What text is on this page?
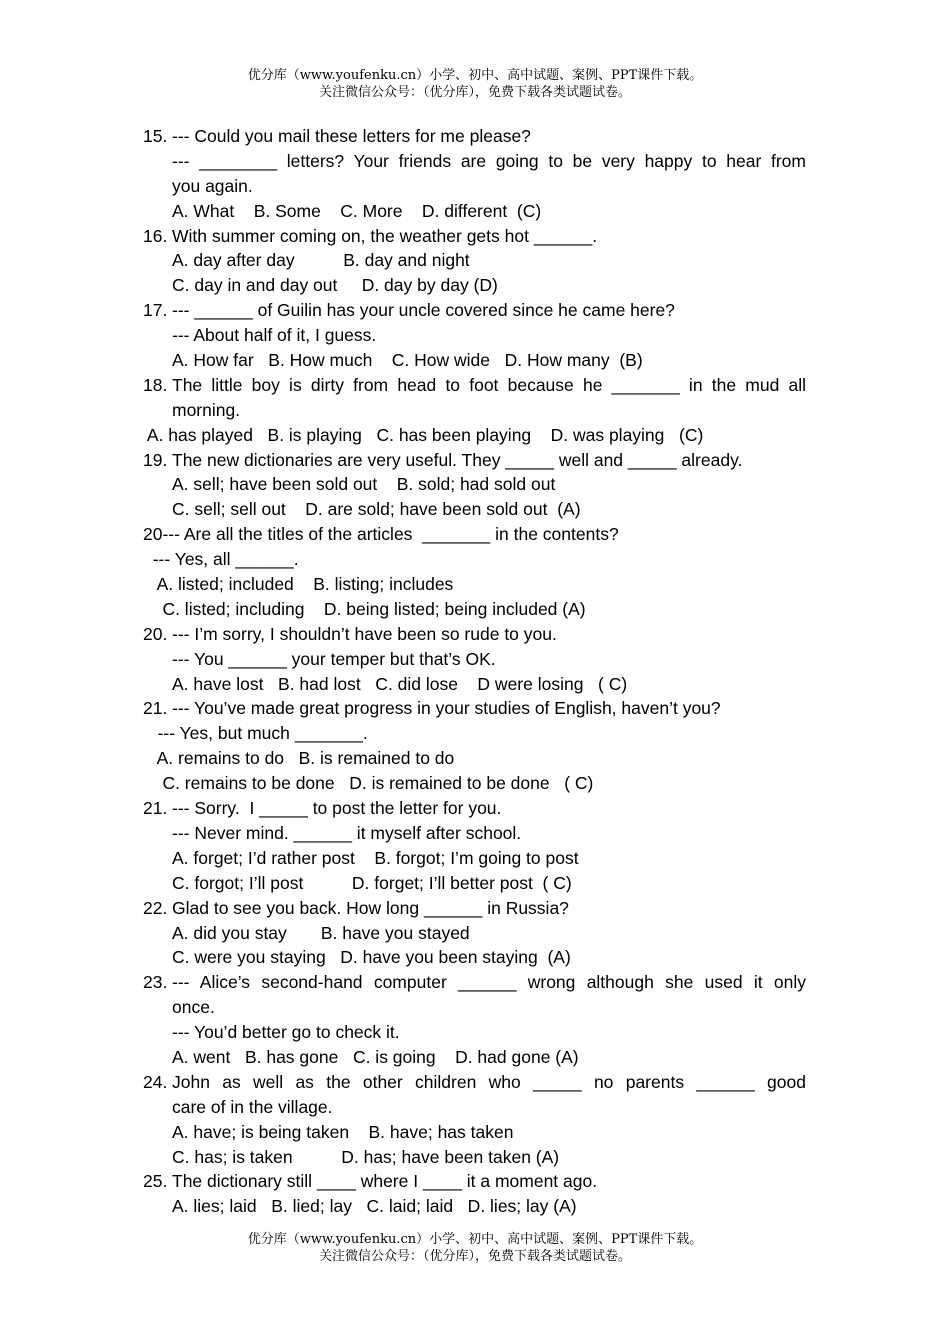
优分库（www.youfenku.cn）小学、初中、高中试题、案例、PPT课件下载。
关注微信公众号：（优分库），免费下载各类试题试卷。
15. --- Could you mail these letters for me please?
--- ________ letters? Your friends are going to be very happy to hear from
you again.
A. What    B. Some    C. More    D. different  (C)
16. With summer coming on, the weather gets hot ______.
A. day after day          B. day and night
C. day in and day out     D. day by day (D)
17. --- ______ of Guilin has your uncle covered since he came here?
--- About half of it, I guess.
A. How far   B. How much    C. How wide   D. How many  (B)
18. The little boy is dirty from head to foot because he _______ in the mud all
morning.
A. has played   B. is playing   C. has been playing    D. was playing   (C)
19. The new dictionaries are very useful. They _____ well and _____ already.
A. sell; have been sold out    B. sold; had sold out
C. sell; sell out    D. are sold; have been sold out  (A)
20--- Are all the titles of the articles  _______ in the contents?
--- Yes, all ______.
A. listed; included    B. listing; includes
C. listed; including    D. being listed; being included (A)
20. --- I’m sorry, I shouldn’t have been so rude to you.
--- You ______ your temper but that’s OK.
A. have lost   B. had lost   C. did lose    D were losing   ( C)
21. --- You’ve made great progress in your studies of English, haven’t you?
--- Yes, but much _______.
A. remains to do   B. is remained to do
C. remains to be done   D. is remained to be done   ( C)
21. --- Sorry.  I _____ to post the letter for you.
--- Never mind. ______ it myself after school.
A. forget; I’d rather post    B. forgot; I’m going to post
C. forgot; I’ll post          D. forget; I’ll better post  ( C)
22. Glad to see you back. How long ______ in Russia?
A. did you stay       B. have you stayed
C. were you staying   D. have you been staying  (A)
23. --- Alice’s second-hand computer ______ wrong although she used it only
once.
--- You’d better go to check it.
A. went   B. has gone   C. is going    D. had gone (A)
24. John as well as the other children who _____ no parents ______ good
care of in the village.
A. have; is being taken    B. have; has taken
C. has; is taken          D. has; have been taken (A)
25. The dictionary still ____ where I ____ it a moment ago.
A. lies; laid   B. lied; lay   C. laid; laid   D. lies; lay (A)
优分库（www.youfenku.cn）小学、初中、高中试题、案例、PPT课件下载。
关注微信公众号：（优分库），免费下载各类试题试卷。
